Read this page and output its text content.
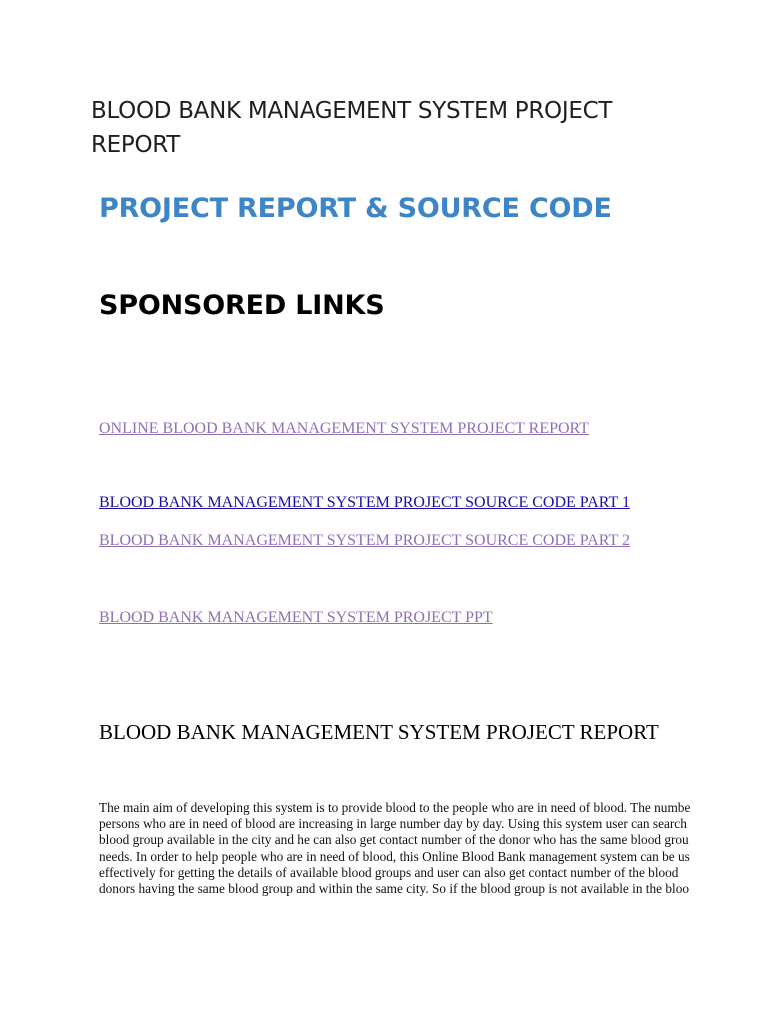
BLOOD BANK MANAGEMENT SYSTEM PROJECT REPORT
PROJECT REPORT & SOURCE CODE
SPONSORED LINKS
ONLINE BLOOD BANK MANAGEMENT SYSTEM PROJECT REPORT
BLOOD BANK MANAGEMENT SYSTEM PROJECT SOURCE CODE PART 1
BLOOD BANK MANAGEMENT SYSTEM PROJECT SOURCE CODE PART 2
BLOOD BANK MANAGEMENT SYSTEM PROJECT PPT
BLOOD BANK MANAGEMENT SYSTEM PROJECT REPORT

The main aim of developing this system is to provide blood to the people who are in need of blood. The numbe
persons who are in need of blood are increasing in large number day by day. Using this system user can search
blood group available in the city and he can also get contact number of the donor who has the same blood grou
needs. In order to help people who are in need of blood, this Online Blood Bank management system can be us
effectively for getting the details of available blood groups and user can also get contact number of the blood
donors having the same blood group and within the same city. So if the blood group is not available in the bloo
